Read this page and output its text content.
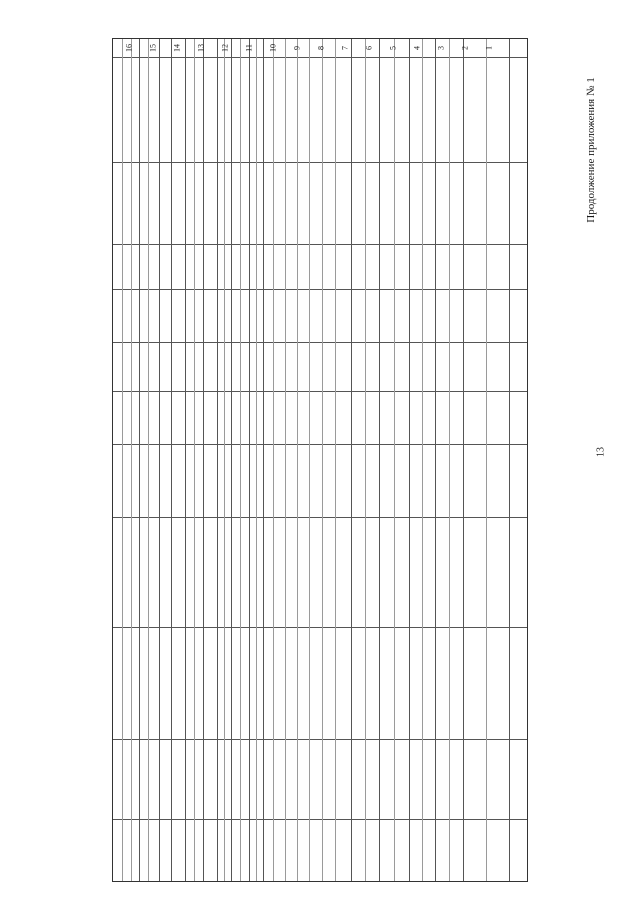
Продолжение приложения № 1
13
16 15 14 13 12 11 10 9 8 7 6 5 4 3 2 1
